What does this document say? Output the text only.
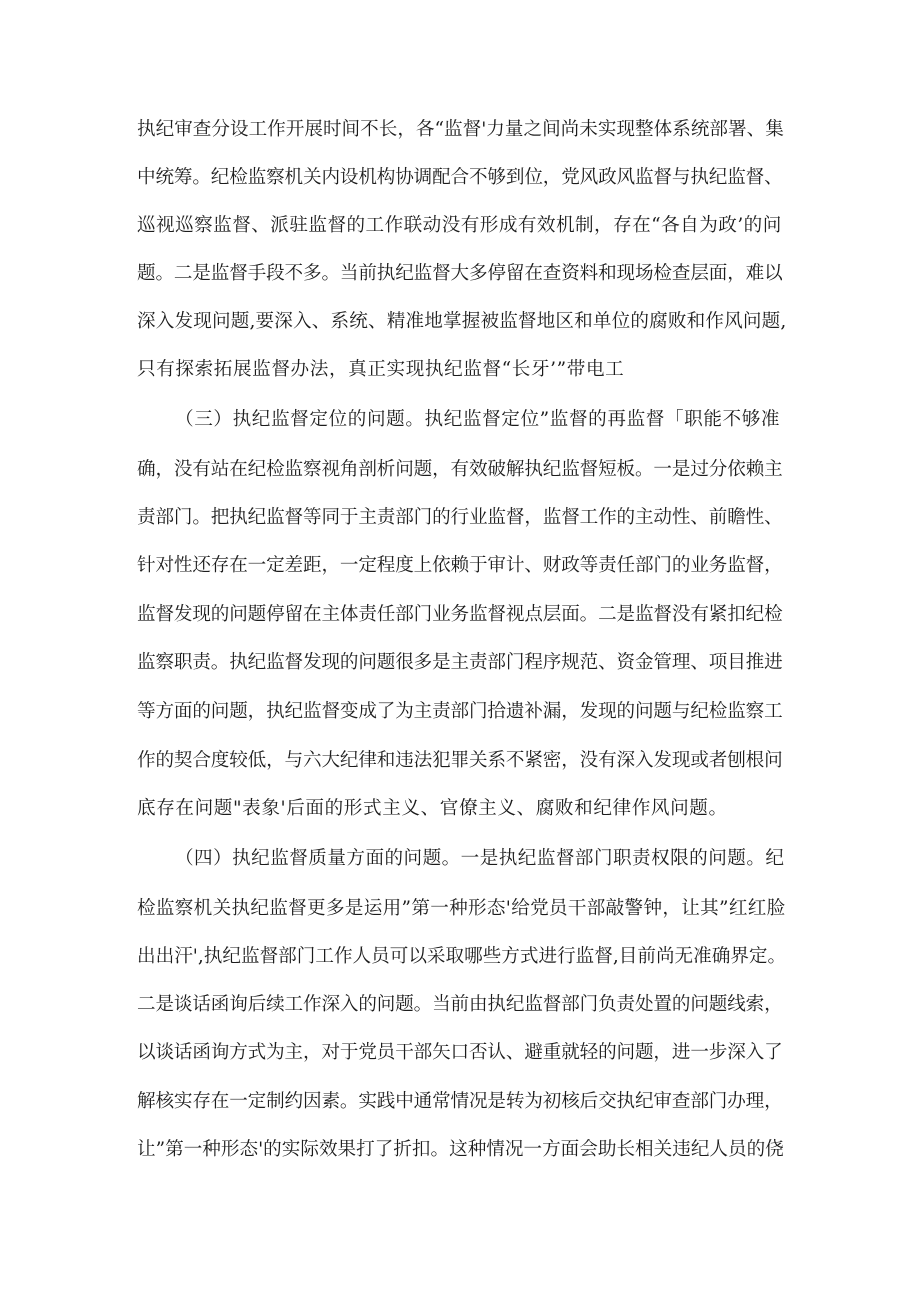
执纪审查分设工作开展时间不长，各“监督'力量之间尚未实现整体系统部署、集
中统筹。纪检监察机关内设机构协调配合不够到位，党风政风监督与执纪监督、
巡视巡察监督、派驻监督的工作联动没有形成有效机制，存在“各自为政’的问
题。二是监督手段不多。当前执纪监督大多停留在查资料和现场检查层面，难以
深入发现问题,要深入、系统、精准地掌握被监督地区和单位的腐败和作风问题,
只有探索拓展监督办法，真正实现执纪监督“长牙’”带电工
（三）执纪监督定位的问题。执纪监督定位”监督的再监督「职能不够准
确，没有站在纪检监察视角剖析问题，有效破解执纪监督短板。一是过分依赖主
责部门。把执纪监督等同于主责部门的行业监督，监督工作的主动性、前瞻性、
针对性还存在一定差距，一定程度上依赖于审计、财政等责任部门的业务监督，
监督发现的问题停留在主体责任部门业务监督视点层面。二是监督没有紧扣纪检
监察职责。执纪监督发现的问题很多是主责部门程序规范、资金管理、项目推进
等方面的问题，执纪监督变成了为主责部门拾遗补漏，发现的问题与纪检监察工
作的契合度较低，与六大纪律和违法犯罪关系不紧密，没有深入发现或者刨根问
底存在问题"表象'后面的形式主义、官僚主义、腐败和纪律作风问题。
（四）执纪监督质量方面的问题。一是执纪监督部门职责权限的问题。纪
检监察机关执纪监督更多是运用”第一种形态'给党员干部敲警钟，让其”红红脸
出出汗',执纪监督部门工作人员可以采取哪些方式进行监督,目前尚无准确界定。
二是谈话函询后续工作深入的问题。当前由执纪监督部门负责处置的问题线索，
以谈话函询方式为主，对于党员干部矢口否认、避重就轻的问题，进一步深入了
解核实存在一定制约因素。实践中通常情况是转为初核后交执纪审查部门办理，
让”第一种形态'的实际效果打了折扣。这种情况一方面会助长相关违纪人员的侥
